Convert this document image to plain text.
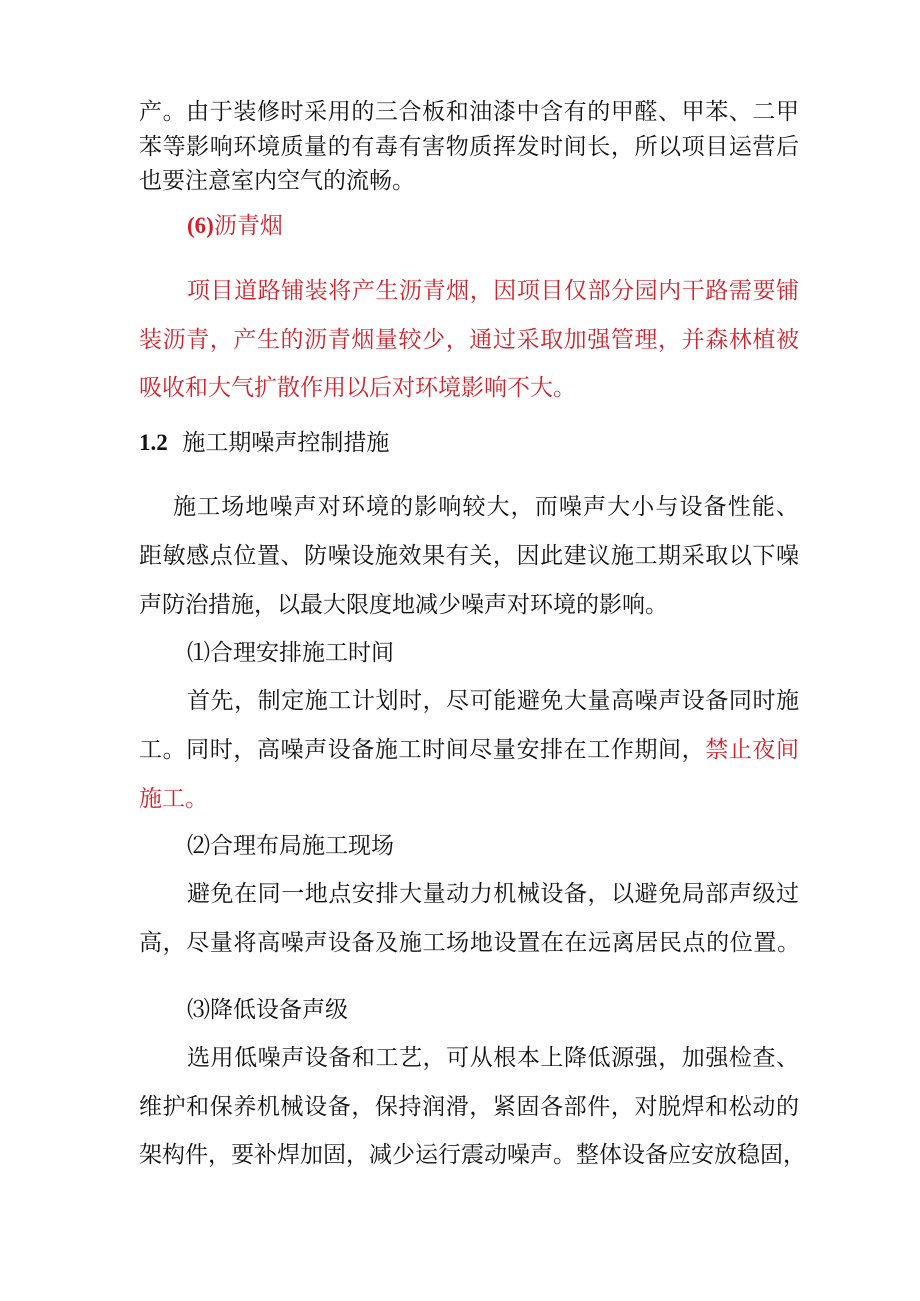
产。由于装修时采用的三合板和油漆中含有的甲醛、甲苯、二甲
苯等影响环境质量的有毒有害物质挥发时间长，所以项目运营后
也要注意室内空气的流畅。
(6)沥青烟
项目道路铺装将产生沥青烟，因项目仅部分园内干路需要铺
装沥青，产生的沥青烟量较少，通过采取加强管理，并森林植被
吸收和大气扩散作用以后对环境影响不大。
1.2 施工期噪声控制措施
施工场地噪声对环境的影响较大，而噪声大小与设备性能、
距敏感点位置、防噪设施效果有关，因此建议施工期采取以下噪
声防治措施，以最大限度地减少噪声对环境的影响。
⑴合理安排施工时间
首先，制定施工计划时，尽可能避免大量高噪声设备同时施
工。同时，高噪声设备施工时间尽量安排在工作期间，禁止夜间
施工。
⑵合理布局施工现场
避免在同一地点安排大量动力机械设备，以避免局部声级过
高，尽量将高噪声设备及施工场地设置在在远离居民点的位置。
⑶降低设备声级
选用低噪声设备和工艺，可从根本上降低源强，加强检查、
维护和保养机械设备，保持润滑，紧固各部件，对脱焊和松动的
架构件，要补焊加固，减少运行震动噪声。整体设备应安放稳固，
